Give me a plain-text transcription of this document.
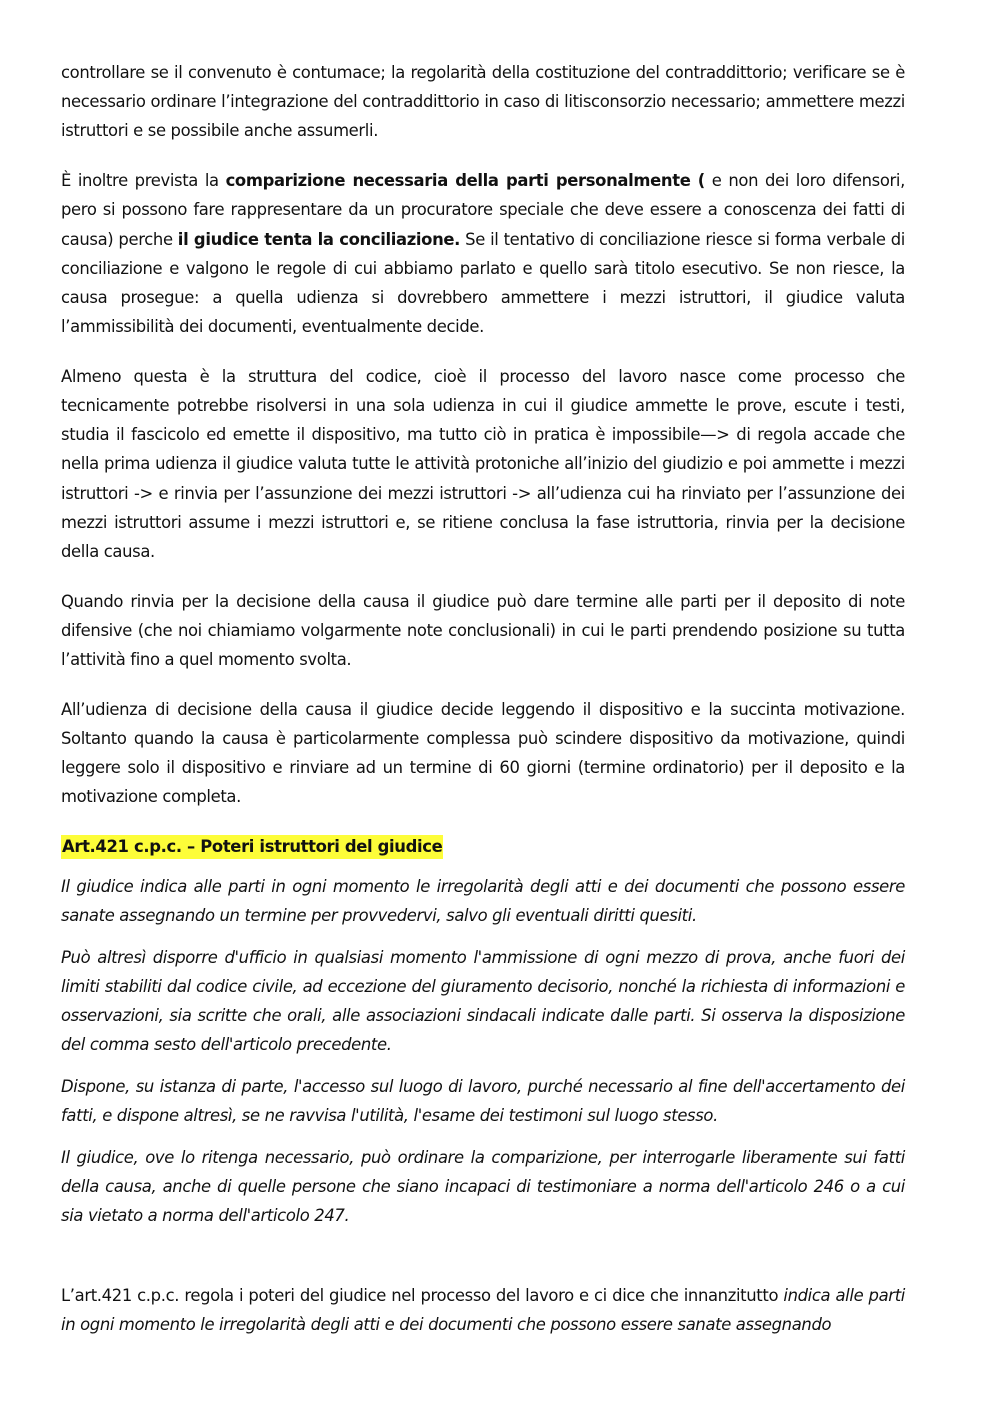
controllare se il convenuto è contumace; la regolarità della costituzione del contraddittorio; verificare se è necessario ordinare l’integrazione del contraddittorio in caso di litisconsorzio necessario; ammettere mezzi istruttori e se possibile anche assumerli.

È inoltre prevista la comparizione necessaria della parti personalmente ( e non dei loro difensori, pero si possono fare rappresentare da un procuratore speciale che deve essere a conoscenza dei fatti di causa) perche il giudice tenta la conciliazione. Se il tentativo di conciliazione riesce si forma verbale di conciliazione e valgono le regole di cui abbiamo parlato e quello sarà titolo esecutivo. Se non riesce, la causa prosegue: a quella udienza si dovrebbero ammettere i mezzi istruttori, il giudice valuta l’ammissibilità dei documenti, eventualmente decide.

Almeno questa è la struttura del codice, cioè il processo del lavoro nasce come processo che tecnicamente potrebbe risolversi in una sola udienza in cui il giudice ammette le prove, escute i testi, studia il fascicolo ed emette il dispositivo, ma tutto ciò in pratica è impossibile—> di regola accade che nella prima udienza il giudice valuta tutte le attività protoniche all’inizio del giudizio e poi ammette i mezzi istruttori -> e rinvia per l’assunzione dei mezzi istruttori -> all’udienza cui ha rinviato per l’assunzione dei mezzi istruttori assume i mezzi istruttori e, se ritiene conclusa la fase istruttoria, rinvia per la decisione della causa.

Quando rinvia per la decisione della causa il giudice può dare termine alle parti per il deposito di note difensive (che noi chiamiamo volgarmente note conclusionali) in cui le parti prendendo posizione su tutta l’attività fino a quel momento svolta.

All’udienza di decisione della causa il giudice decide leggendo il dispositivo e la succinta motivazione. Soltanto quando la causa è particolarmente complessa può scindere dispositivo da motivazione, quindi leggere solo il dispositivo e rinviare ad un termine di 60 giorni (termine ordinatorio) per il deposito e la motivazione completa.

Art.421 c.p.c. – Poteri istruttori del giudice

Il giudice indica alle parti in ogni momento le irregolarità degli atti e dei documenti che possono essere sanate assegnando un termine per provvedervi, salvo gli eventuali diritti quesiti.

Può altresì disporre d'ufficio in qualsiasi momento l'ammissione di ogni mezzo di prova, anche fuori dei limiti stabiliti dal codice civile, ad eccezione del giuramento decisorio, nonché la richiesta di informazioni e osservazioni, sia scritte che orali, alle associazioni sindacali indicate dalle parti. Si osserva la disposizione del comma sesto dell'articolo precedente.

Dispone, su istanza di parte, l'accesso sul luogo di lavoro, purché necessario al fine dell'accertamento dei fatti, e dispone altresì, se ne ravvisa l'utilità, l'esame dei testimoni sul luogo stesso.

Il giudice, ove lo ritenga necessario, può ordinare la comparizione, per interrogarle liberamente sui fatti della causa, anche di quelle persone che siano incapaci di testimoniare a norma dell'articolo 246 o a cui sia vietato a norma dell'articolo 247.

L’art.421 c.p.c. regola i poteri del giudice nel processo del lavoro e ci dice che innanzitutto indica alle parti in ogni momento le irregolarità degli atti e dei documenti che possono essere sanate assegnando
